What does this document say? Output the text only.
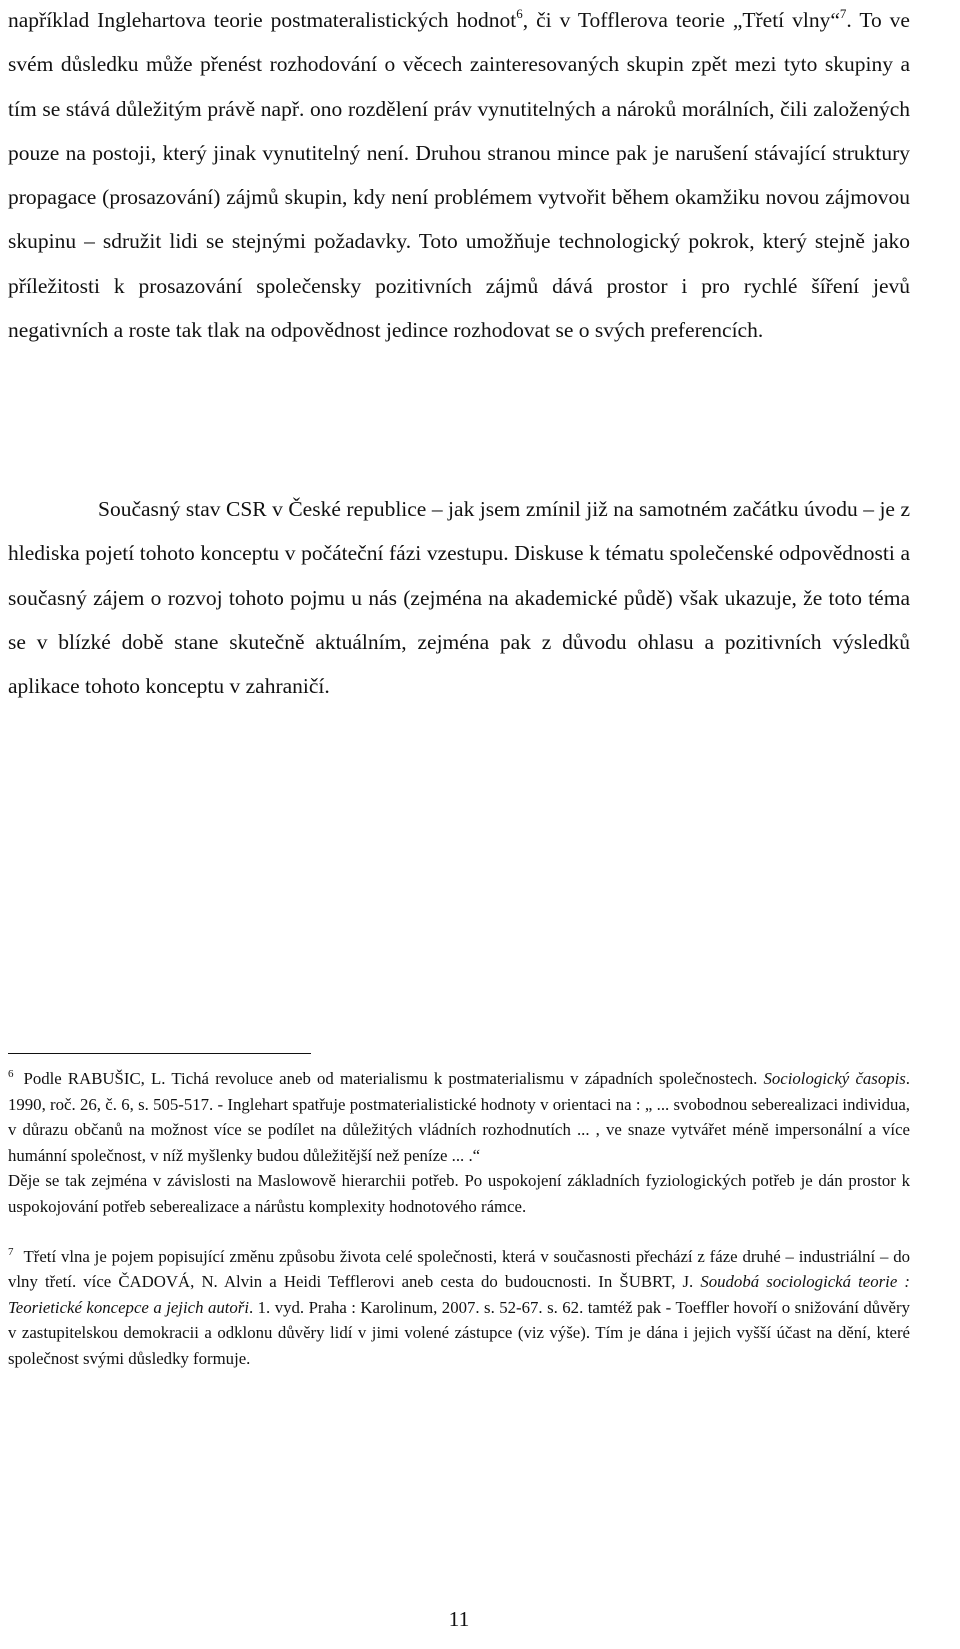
například Inglehartova teorie postmateralistických hodnot$^6$, či v Tofflerova teorie „Třetí vlny“$^7$. To ve svém důsledku může přenést rozhodování o věcech zainteresovaných skupin zpět mezi tyto skupiny a tím se stává důležitým právě např. ono rozdělení práv vynutitelných a nároků morálních, čili založených pouze na postoji, který jinak vynutitelný není. Druhou stranou mince pak je narušení stávající struktury propagace (prosazování) zájmů skupin, kdy není problémem vytvořit během okamžiku novou zájmovou skupinu – sdružit lidi se stejnými požadavky. Toto umožňuje technologický pokrok, který stejně jako příležitosti k prosazování společensky pozitivních zájmů dává prostor i pro rychlé šíření jevů negativních a roste tak tlak na odpovědnost jedince rozhodovat se o svých preferencích.

Současný stav CSR v České republice – jak jsem zmínil již na samotném začátku úvodu – je z hlediska pojetí tohoto konceptu v počáteční fázi vzestupu. Diskuse k tématu společenské odpovědnosti a současný zájem o rozvoj tohoto pojmu u nás (zejména na akademické půdě) však ukazuje, že toto téma se v blízké době stane skutečně aktuálním, zejména pak z důvodu ohlasu a pozitivních výsledků aplikace tohoto konceptu v zahraničí.

$^6$ Podle RABUŠIC, L. Tichá revoluce aneb od materialismu k postmaterialismu v západních společnostech. Sociologický časopis. 1990, roč. 26, č. 6, s. 505-517. - Inglehart spatřuje postmaterialistické hodnoty v orientaci na : „ ... svobodnou seberealizaci individua, v důrazu občanů na možnost více se podílet na důležitých vládních rozhodnutích ... , ve snaze vytvářet méně impersonální a více humánní společnost, v níž myšlenky budou důležitější než peníze ... .“

Děje se tak zejména v závislosti na Maslowově hierarchii potřeb. Po uspokojení základních fyziologických potřeb je dán prostor k uspokojování potřeb seberealizace a nárůstu komplexity hodnotového rámce.

$^7$ Třetí vlna je pojem popisující změnu způsobu života celé společnosti, která v současnosti přechází z fáze druhé – industriální – do vlny třetí. více ČADOVÁ, N. Alvin a Heidi Tefflerovi aneb cesta do budoucnosti. In ŠUBRT, J. Soudobá sociologická teorie : Teorietické koncepce a jejich autoři. 1. vyd. Praha : Karolinum, 2007. s. 52-67. s. 62. tamtéž pak - Toeffler hovoří o snižování důvěry v zastupitelskou demokracii a odklonu důvěry lidí v jimi volené zástupce (viz výše). Tím je dána i jejich vyšší účast na dění, které společnost svými důsledky formuje.

11
